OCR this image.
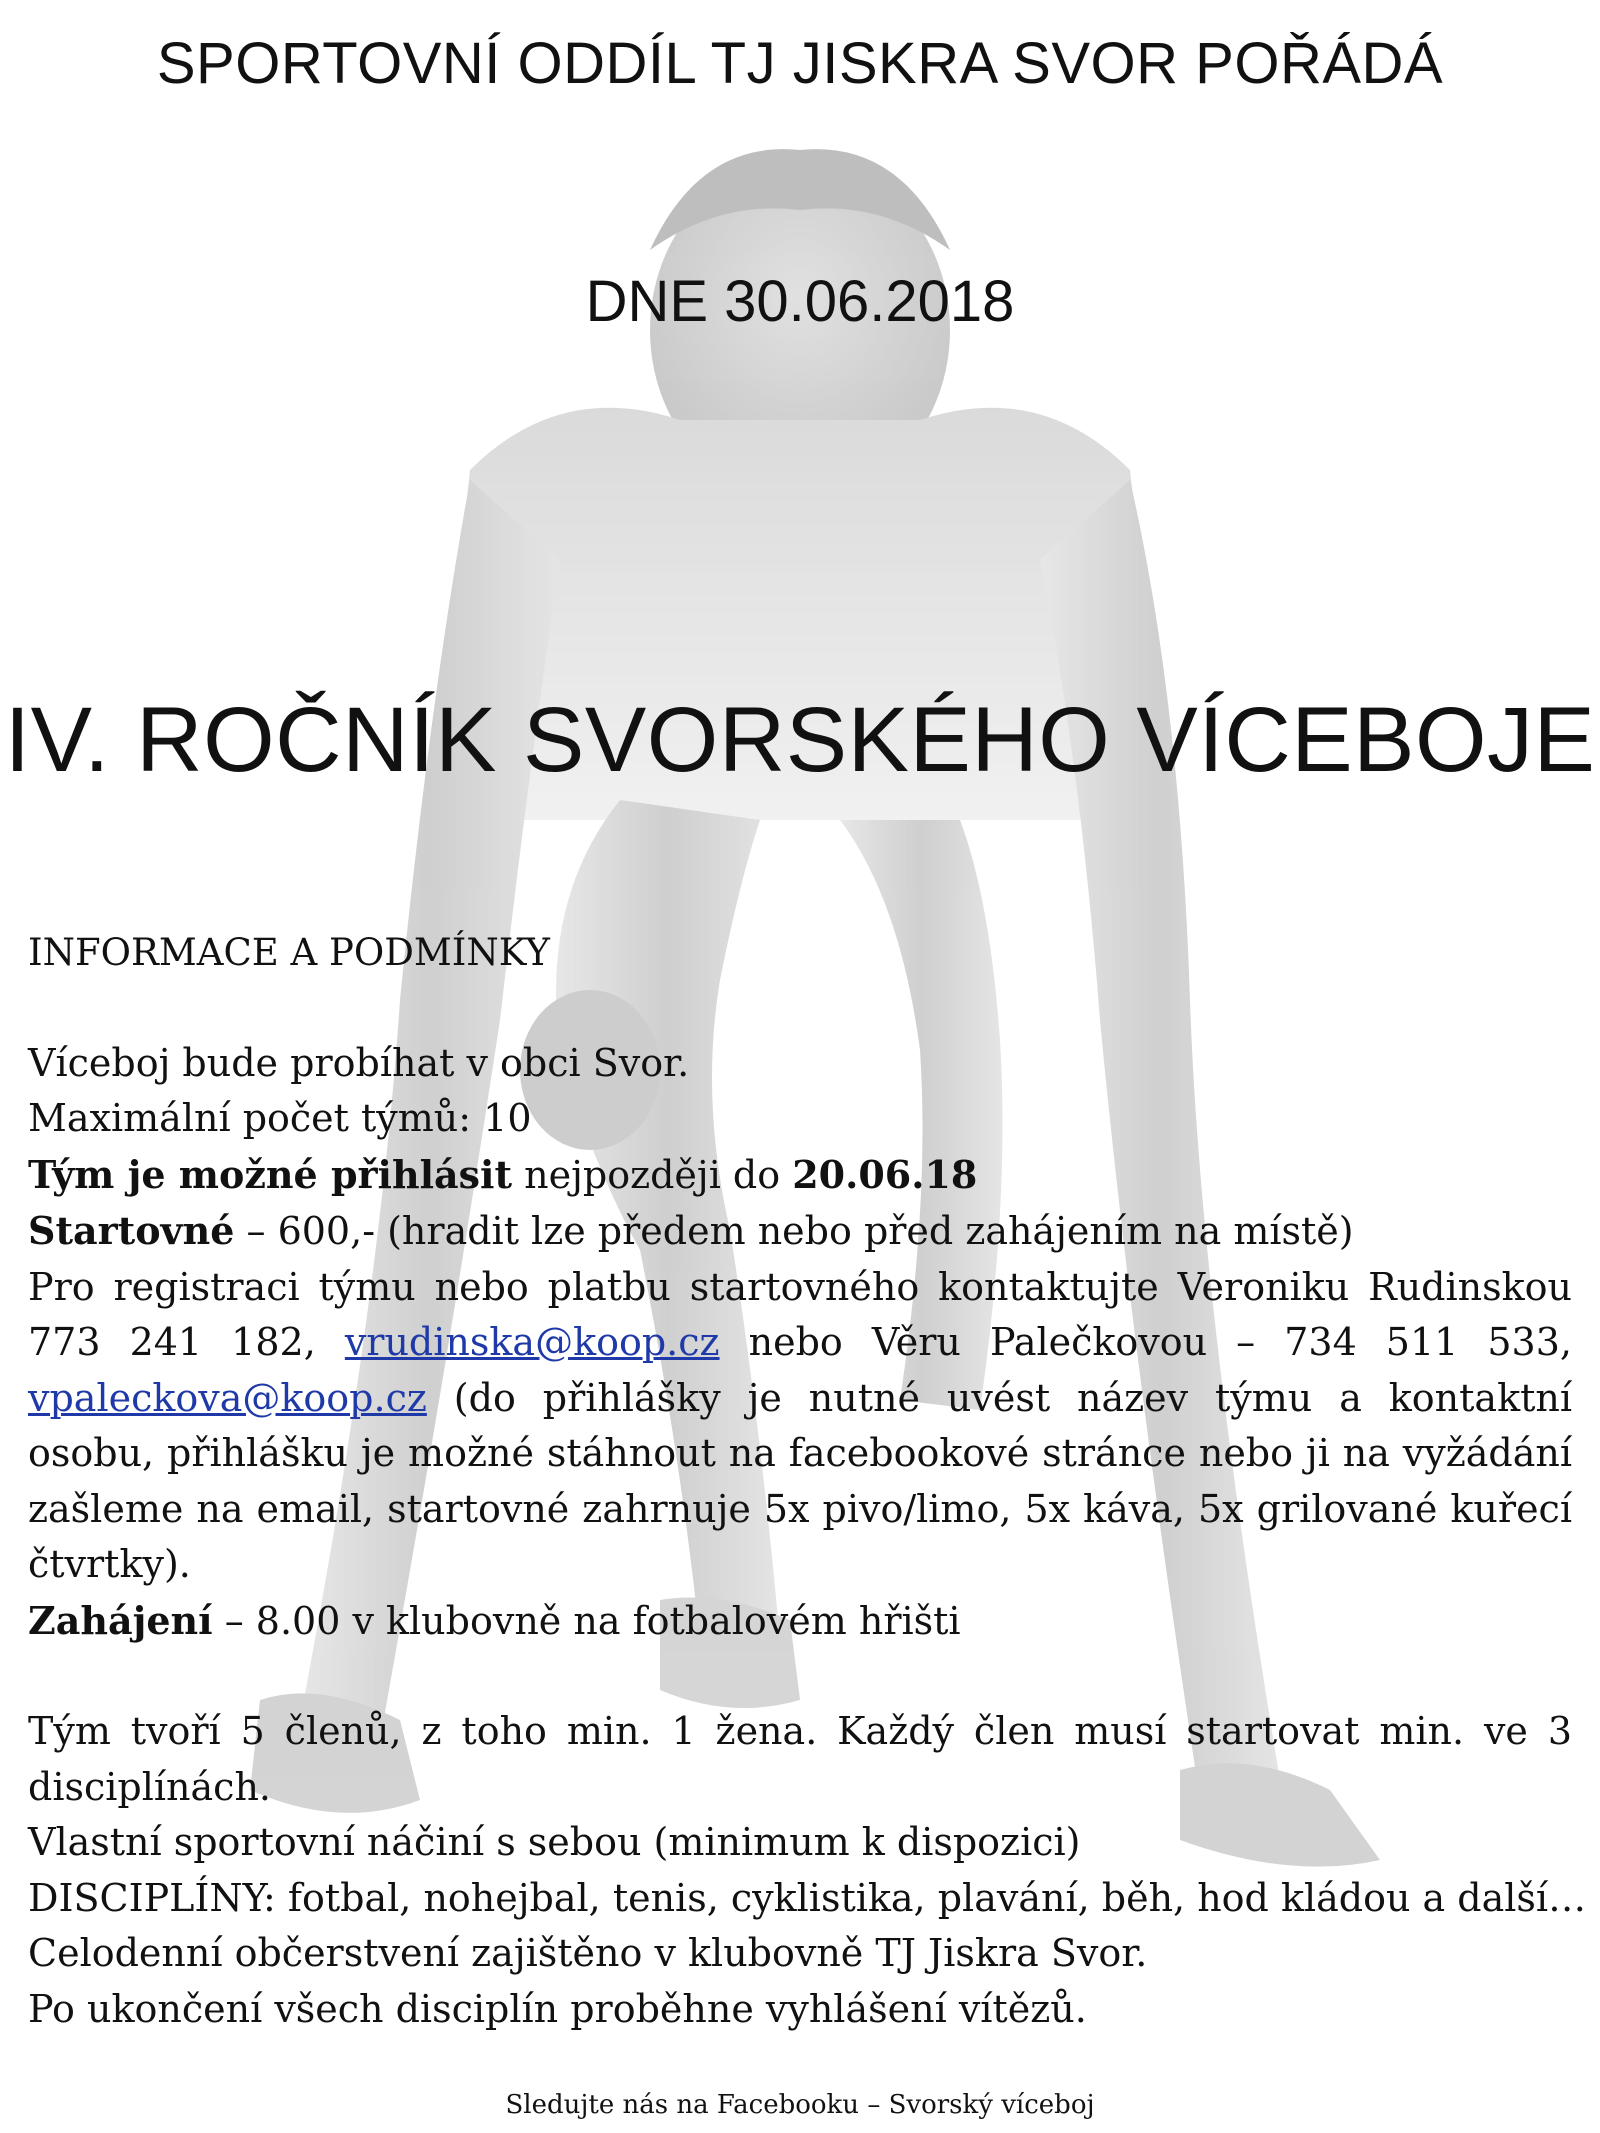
SPORTOVNÍ ODDÍL TJ JISKRA SVOR POŘÁDÁ
DNE 30.06.2018
IV. ROČNÍK SVORSKÉHO VÍCEBOJE
INFORMACE A PODMÍNKY
Víceboj bude probíhat v obci Svor.
Maximální počet týmů: 10
Tým je možné přihlásit nejpozději do 20.06.18
Startovné – 600,- (hradit lze předem nebo před zahájením na místě)
Pro registraci týmu nebo platbu startovného kontaktujte Veroniku Rudinskou 773 241 182, vrudinska@koop.cz nebo Věru Palečkovou – 734 511 533, vpaleckova@koop.cz (do přihlášky je nutné uvést název týmu a kontaktní osobu, přihlášku je možné stáhnout na facebookové stránce nebo ji na vyžádání zašleme na email, startovné zahrnuje 5x pivo/limo, 5x káva, 5x grilované kuřecí čtvrtky).
Zahájení – 8.00 v klubovně na fotbalovém hřišti
Tým tvoří 5 členů, z toho min. 1 žena. Každý člen musí startovat min. ve 3 disciplínách.
Vlastní sportovní náčiní s sebou (minimum k dispozici)
DISCIPLÍNY: fotbal, nohejbal, tenis, cyklistika, plavání, běh, hod kládou a další…
Celodenní občerstvení zajištěno v klubovně TJ Jiskra Svor.
Po ukončení všech disciplín proběhne vyhlášení vítězů.
Sledujte nás na Facebooku – Svorský víceboj
